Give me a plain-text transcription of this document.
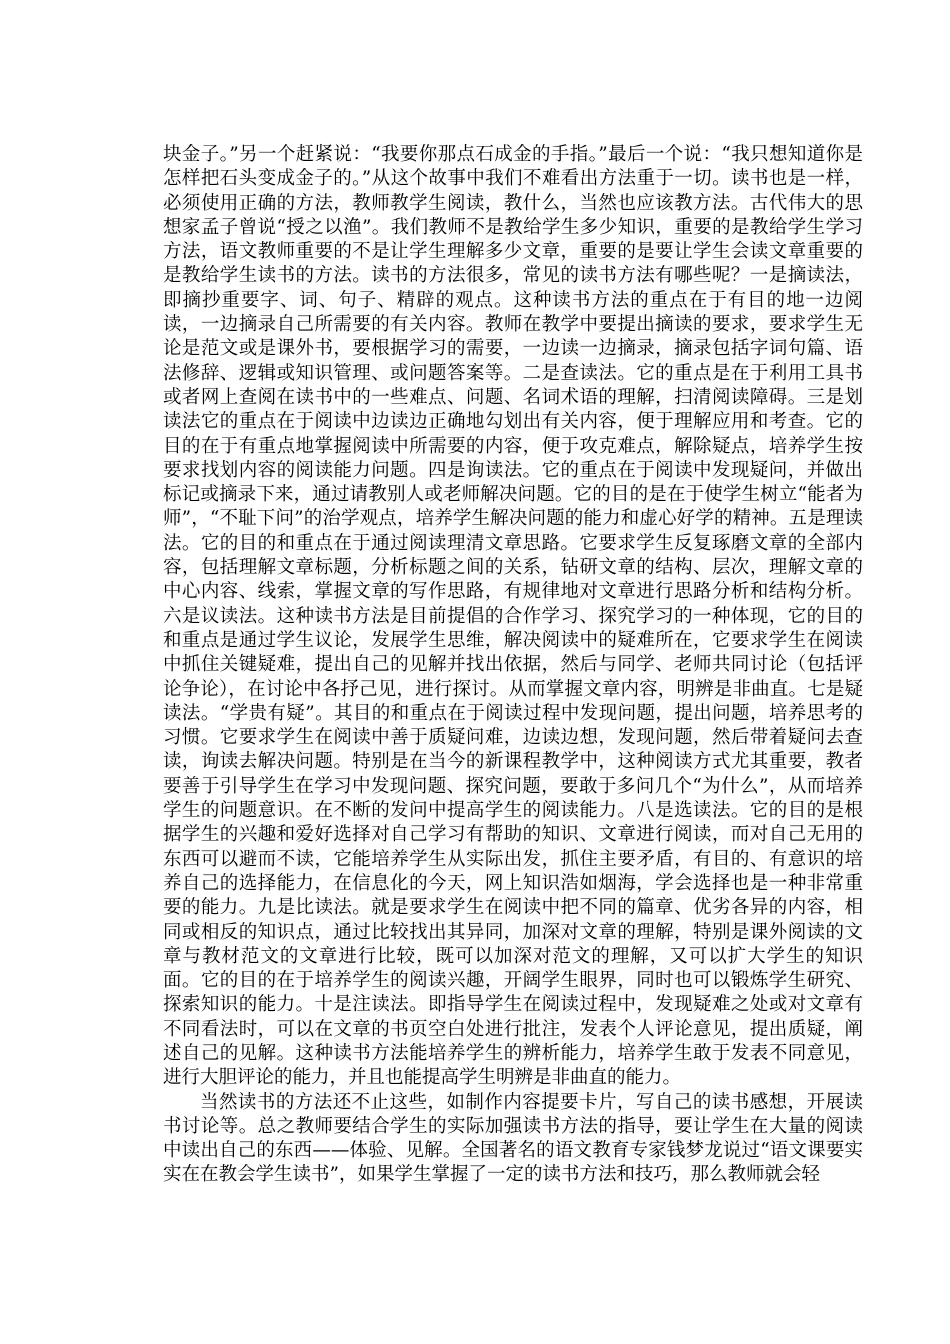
块金子。”另一个赶紧说：“我要你那点石成金的手指。”最后一个说：“我只想知道你是怎样把石头变成金子的。”从这个故事中我们不难看出方法重于一切。读书也是一样，必须使用正确的方法，教师教学生阅读，教什么，当然也应该教方法。古代伟大的思想家孟子曾说“授之以渔”。我们教师不是教给学生多少知识，重要的是教给学生学习方法，语文教师重要的不是让学生理解多少文章，重要的是要让学生会读文章重要的是教给学生读书的方法。读书的方法很多，常见的读书方法有哪些呢？一是摘读法，即摘抄重要字、词、句子、精辟的观点。这种读书方法的重点在于有目的地一边阅读，一边摘录自己所需要的有关内容。教师在教学中要提出摘读的要求，要求学生无论是范文或是课外书，要根据学习的需要，一边读一边摘录，摘录包括字词句篇、语法修辞、逻辑或知识管理、或问题答案等。二是查读法。它的重点是在于利用工具书或者网上查阅在读书中的一些难点、问题、名词术语的理解，扫清阅读障碍。三是划读法它的重点在于阅读中边读边正确地勾划出有关内容，便于理解应用和考查。它的目的在于有重点地掌握阅读中所需要的内容，便于攻克难点，解除疑点，培养学生按要求找划内容的阅读能力问题。四是询读法。它的重点在于阅读中发现疑问，并做出标记或摘录下来，通过请教别人或老师解决问题。它的目的是在于使学生树立“能者为师”，“不耻下问”的治学观点，培养学生解决问题的能力和虚心好学的精神。五是理读法。它的目的和重点在于通过阅读理清文章思路。它要求学生反复琢磨文章的全部内容，包括理解文章标题，分析标题之间的关系，钻研文章的结构、层次，理解文章的中心内容、线索，掌握文章的写作思路，有规律地对文章进行思路分析和结构分析。六是议读法。这种读书方法是目前提倡的合作学习、探究学习的一种体现，它的目的和重点是通过学生议论，发展学生思维，解决阅读中的疑难所在，它要求学生在阅读中抓住关键疑难，提出自己的见解并找出依据，然后与同学、老师共同讨论（包括评论争论），在讨论中各抒己见，进行探讨。从而掌握文章内容，明辨是非曲直。七是疑读法。“学贵有疑”。其目的和重点在于阅读过程中发现问题，提出问题，培养思考的习惯。它要求学生在阅读中善于质疑问难，边读边想，发现问题，然后带着疑问去查读，询读去解决问题。特别是在当今的新课程教学中，这种阅读方式尤其重要，教者要善于引导学生在学习中发现问题、探究问题，要敢于多问几个“为什么”，从而培养学生的问题意识。在不断的发问中提高学生的阅读能力。八是选读法。它的目的是根据学生的兴趣和爱好选择对自己学习有帮助的知识、文章进行阅读，而对自己无用的东西可以避而不读，它能培养学生从实际出发，抓住主要矛盾，有目的、有意识的培养自己的选择能力，在信息化的今天，网上知识浩如烟海，学会选择也是一种非常重要的能力。九是比读法。就是要求学生在阅读中把不同的篇章、优劣各异的内容，相同或相反的知识点，通过比较找出其异同，加深对文章的理解，特别是课外阅读的文章与教材范文的文章进行比较，既可以加深对范文的理解，又可以扩大学生的知识面。它的目的在于培养学生的阅读兴趣，开阔学生眼界，同时也可以锻炼学生研究、探索知识的能力。十是注读法。即指导学生在阅读过程中，发现疑难之处或对文章有不同看法时，可以在文章的书页空白处进行批注，发表个人评论意见，提出质疑，阐述自己的见解。这种读书方法能培养学生的辨析能力，培养学生敢于发表不同意见，进行大胆评论的能力，并且也能提高学生明辨是非曲直的能力。

当然读书的方法还不止这些，如制作内容提要卡片，写自己的读书感想，开展读书讨论等。总之教师要结合学生的实际加强读书方法的指导，要让学生在大量的阅读中读出自己的东西——体验、见解。全国著名的语文教育专家钱梦龙说过“语文课要实实在在教会学生读书”，如果学生掌握了一定的读书方法和技巧，那么教师就会轻
